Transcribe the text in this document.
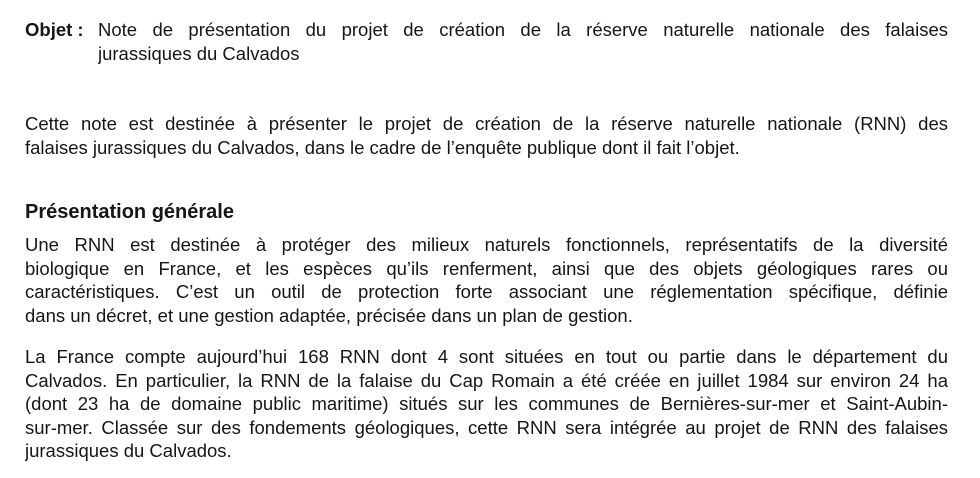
Objet : Note de présentation du projet de création de la réserve naturelle nationale des falaises
jurassiques du Calvados
Cette note est destinée à présenter le projet de création de la réserve naturelle nationale (RNN) des
falaises jurassiques du Calvados, dans le cadre de l’enquête publique dont il fait l’objet.
Présentation générale
Une RNN est destinée à protéger des milieux naturels fonctionnels, représentatifs de la diversité
biologique en France, et les espèces qu’ils renferment, ainsi que des objets géologiques rares ou
caractéristiques. C’est un outil de protection forte associant une réglementation spécifique, définie
dans un décret, et une gestion adaptée, précisée dans un plan de gestion.
La France compte aujourd’hui 168 RNN dont 4 sont situées en tout ou partie dans le département du
Calvados. En particulier, la RNN de la falaise du Cap Romain a été créée en juillet 1984 sur environ 24 ha
(dont 23 ha de domaine public maritime) situés sur les communes de Bernières-sur-mer et Saint-Aubin-
sur-mer. Classée sur des fondements géologiques, cette RNN sera intégrée au projet de RNN des falaises
jurassiques du Calvados.
